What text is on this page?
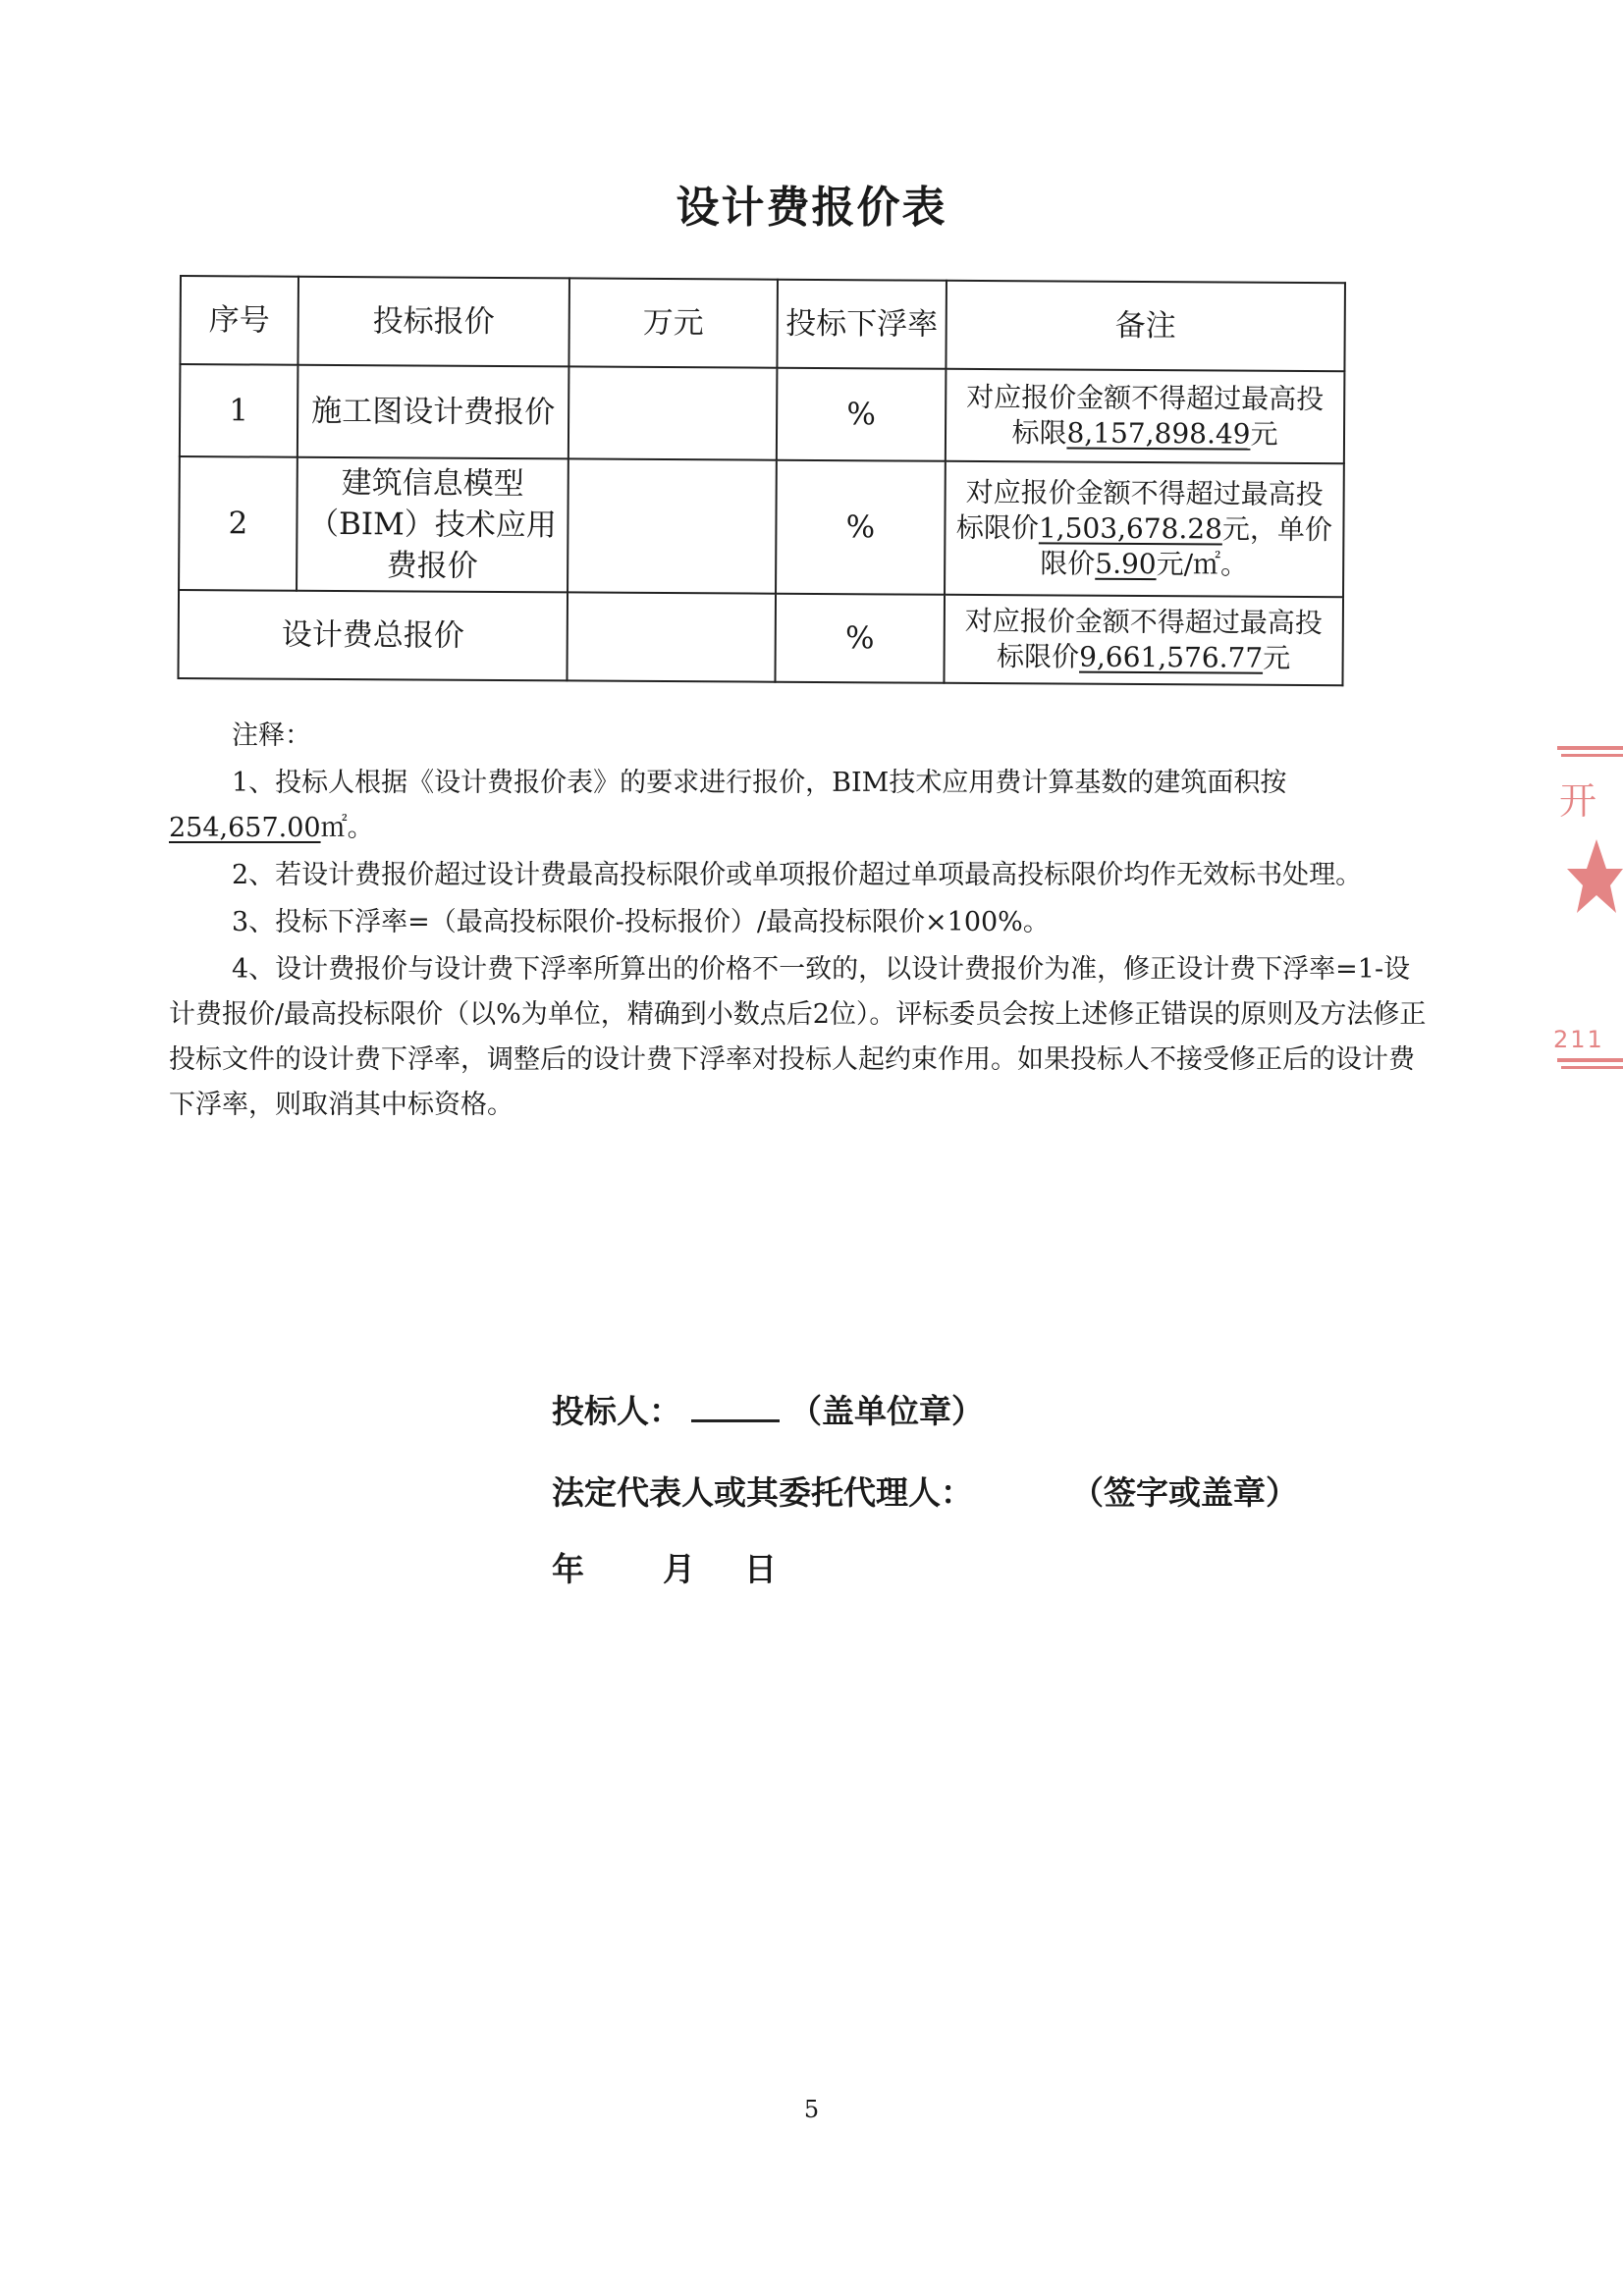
设计费报价表
序号	投标报价	万元	投标下浮率	备注
1	施工图设计费报价		%	对应报价金额不得超过最高投标限8,157,898.49元
2	建筑信息模型（BIM）技术应用费报价		%	对应报价金额不得超过最高投标限价1,503,678.28元，单价限价5.90元/㎡。
设计费总报价			%	对应报价金额不得超过最高投标限价9,661,576.77元

注释：

1、投标人根据《设计费报价表》的要求进行报价，BIM技术应用费计算基数的建筑面积按254,657.00㎡。

2、若设计费报价超过设计费最高投标限价或单项报价超过单项最高投标限价均作无效标书处理。

3、投标下浮率=（最高投标限价-投标报价）/最高投标限价×100%。

4、设计费报价与设计费下浮率所算出的价格不一致的，以设计费报价为准，修正设计费下浮率=1-设计费报价/最高投标限价（以%为单位，精确到小数点后2位）。评标委员会按上述修正错误的原则及方法修正投标文件的设计费下浮率，调整后的设计费下浮率对投标人起约束作用。如果投标人不接受修正后的设计费下浮率，则取消其中标资格。

投标人：	（盖单位章）
法定代表人或其委托代理人：	（签字或盖章）
年 月 日
5
开
211
